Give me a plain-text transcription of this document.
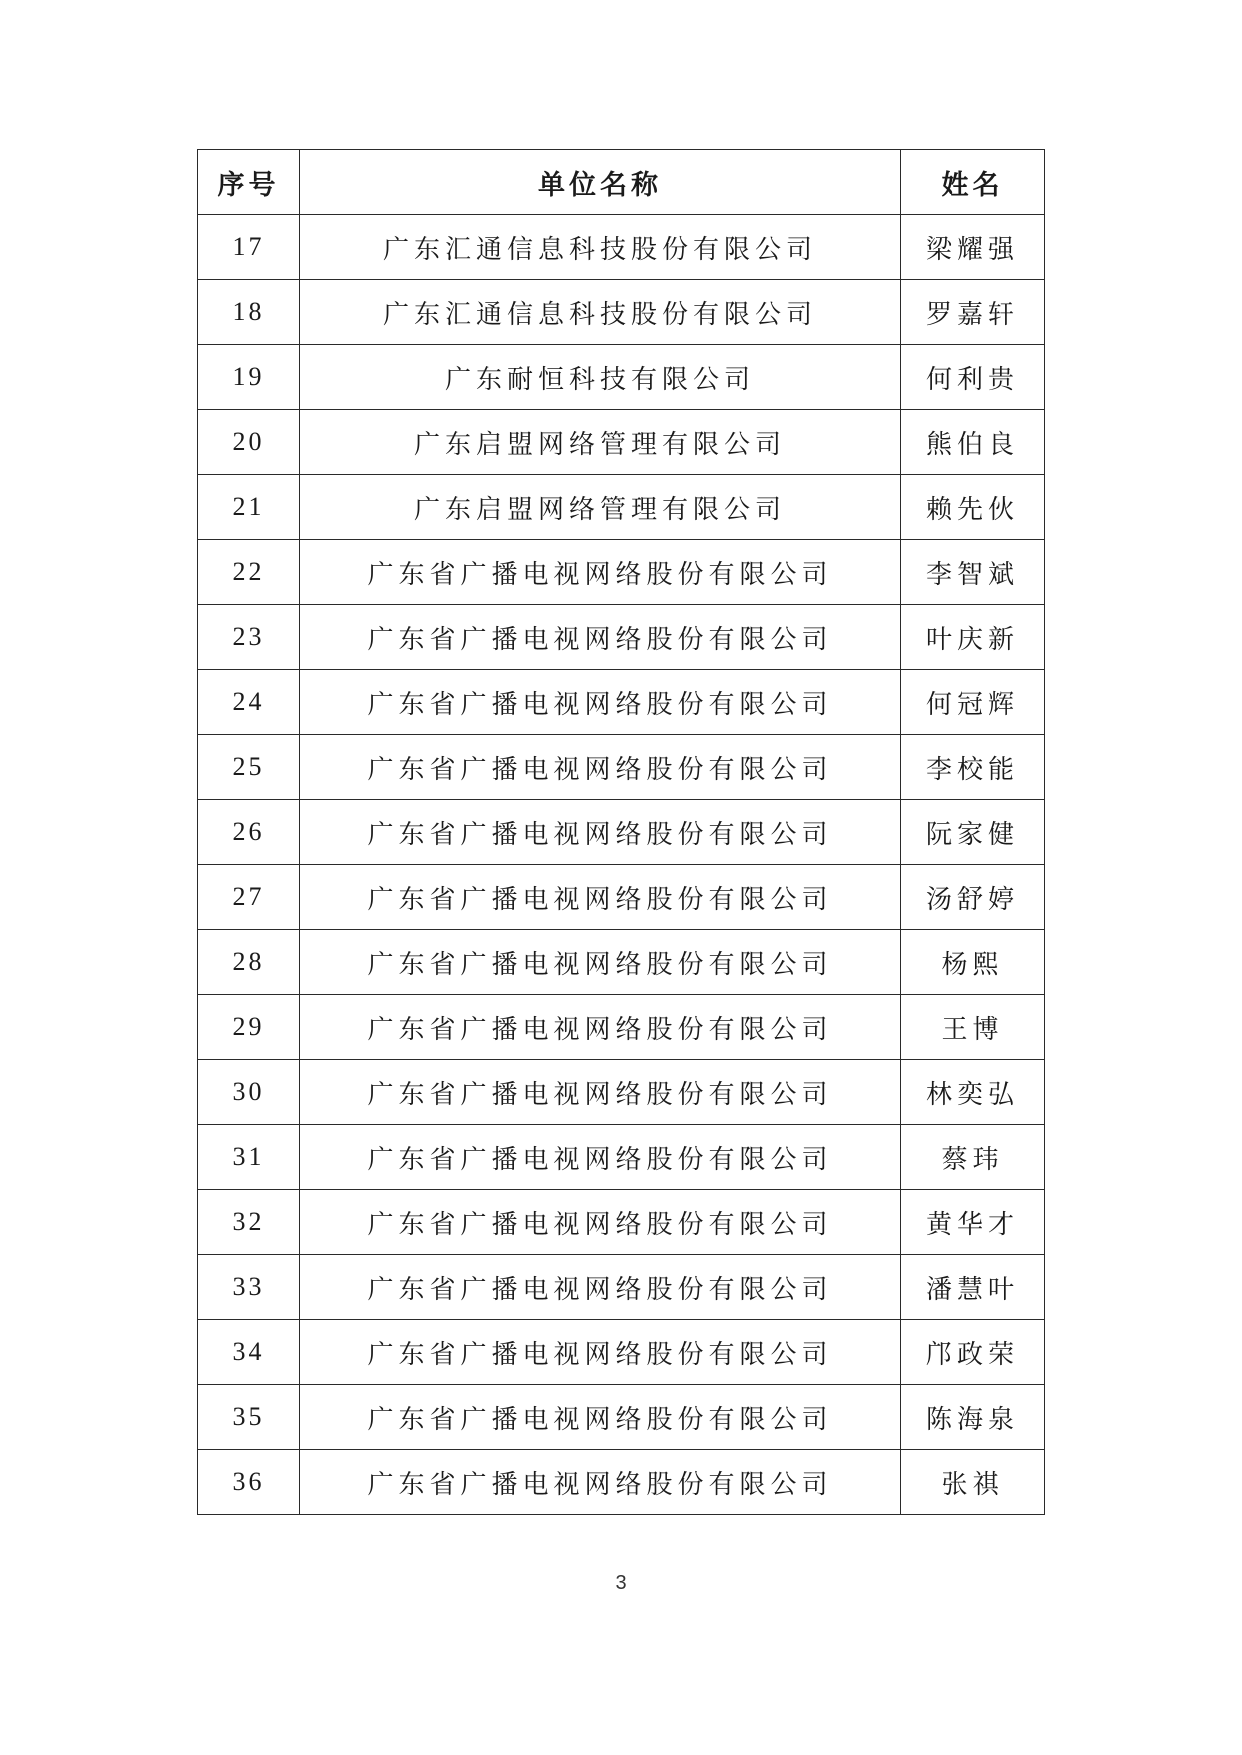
序号	单位名称	姓名
17	广东汇通信息科技股份有限公司	梁耀强
18	广东汇通信息科技股份有限公司	罗嘉轩
19	广东耐恒科技有限公司	何利贵
20	广东启盟网络管理有限公司	熊伯良
21	广东启盟网络管理有限公司	赖先伙
22	广东省广播电视网络股份有限公司	李智斌
23	广东省广播电视网络股份有限公司	叶庆新
24	广东省广播电视网络股份有限公司	何冠辉
25	广东省广播电视网络股份有限公司	李校能
26	广东省广播电视网络股份有限公司	阮家健
27	广东省广播电视网络股份有限公司	汤舒婷
28	广东省广播电视网络股份有限公司	杨熙
29	广东省广播电视网络股份有限公司	王博
30	广东省广播电视网络股份有限公司	林奕弘
31	广东省广播电视网络股份有限公司	蔡玮
32	广东省广播电视网络股份有限公司	黄华才
33	广东省广播电视网络股份有限公司	潘慧叶
34	广东省广播电视网络股份有限公司	邝政荣
35	广东省广播电视网络股份有限公司	陈海泉
36	广东省广播电视网络股份有限公司	张祺
3
